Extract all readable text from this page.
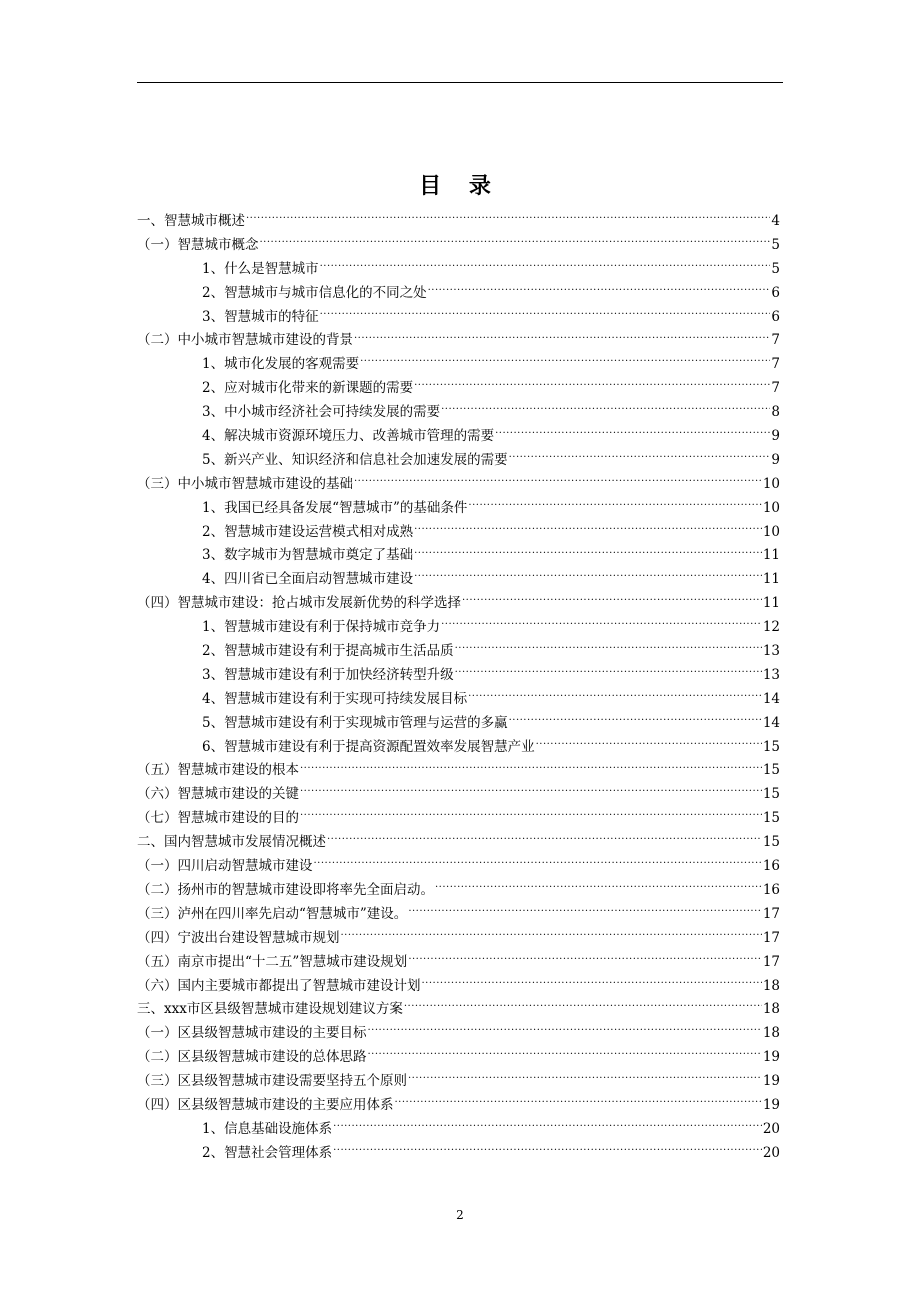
目 录
一、智慧城市概述 .....	4
（一）智慧城市概念 .....	5
1、什么是智慧城市 .....	5
2、智慧城市与城市信息化的不同之处 .....	6
3、智慧城市的特征 .....	6
（二）中小城市智慧城市建设的背景 .....	7
1、城市化发展的客观需要 .....	7
2、应对城市化带来的新课题的需要 .....	7
3、中小城市经济社会可持续发展的需要 .....	8
4、解决城市资源环境压力、改善城市管理的需要 .....	9
5、新兴产业、知识经济和信息社会加速发展的需要 .....	9
（三）中小城市智慧城市建设的基础 .....	10
1、我国已经具备发展“智慧城市”的基础条件 .....	10
2、智慧城市建设运营模式相对成熟 .....	10
3、数字城市为智慧城市奠定了基础 .....	11
4、四川省已全面启动智慧城市建设 .....	11
（四）智慧城市建设：抢占城市发展新优势的科学选择 .....	11
1、智慧城市建设有利于保持城市竞争力 .....	12
2、智慧城市建设有利于提高城市生活品质 .....	13
3、智慧城市建设有利于加快经济转型升级 .....	13
4、智慧城市建设有利于实现可持续发展目标 .....	14
5、智慧城市建设有利于实现城市管理与运营的多赢 .....	14
6、智慧城市建设有利于提高资源配置效率发展智慧产业 .....	15
（五）智慧城市建设的根本 .....	15
（六）智慧城市建设的关键 .....	15
（七）智慧城市建设的目的 .....	15
二、国内智慧城市发展情况概述 .....	15
（一）四川启动智慧城市建设 .....	16
（二）扬州市的智慧城市建设即将率先全面启动。 .....	16
（三）泸州在四川率先启动“智慧城市”建设。 .....	17
（四）宁波出台建设智慧城市规划 .....	17
（五）南京市提出“十二五”智慧城市建设规划 .....	17
（六）国内主要城市都提出了智慧城市建设计划 .....	18
三、xxx市区县级智慧城市建设规划建议方案 .....	18
（一）区县级智慧城市建设的主要目标 .....	18
（二）区县级智慧城市建设的总体思路 .....	19
（三）区县级智慧城市建设需要坚持五个原则 .....	19
（四）区县级智慧城市建设的主要应用体系 .....	19
1、信息基础设施体系 .....	20
2、智慧社会管理体系 .....	20
2
